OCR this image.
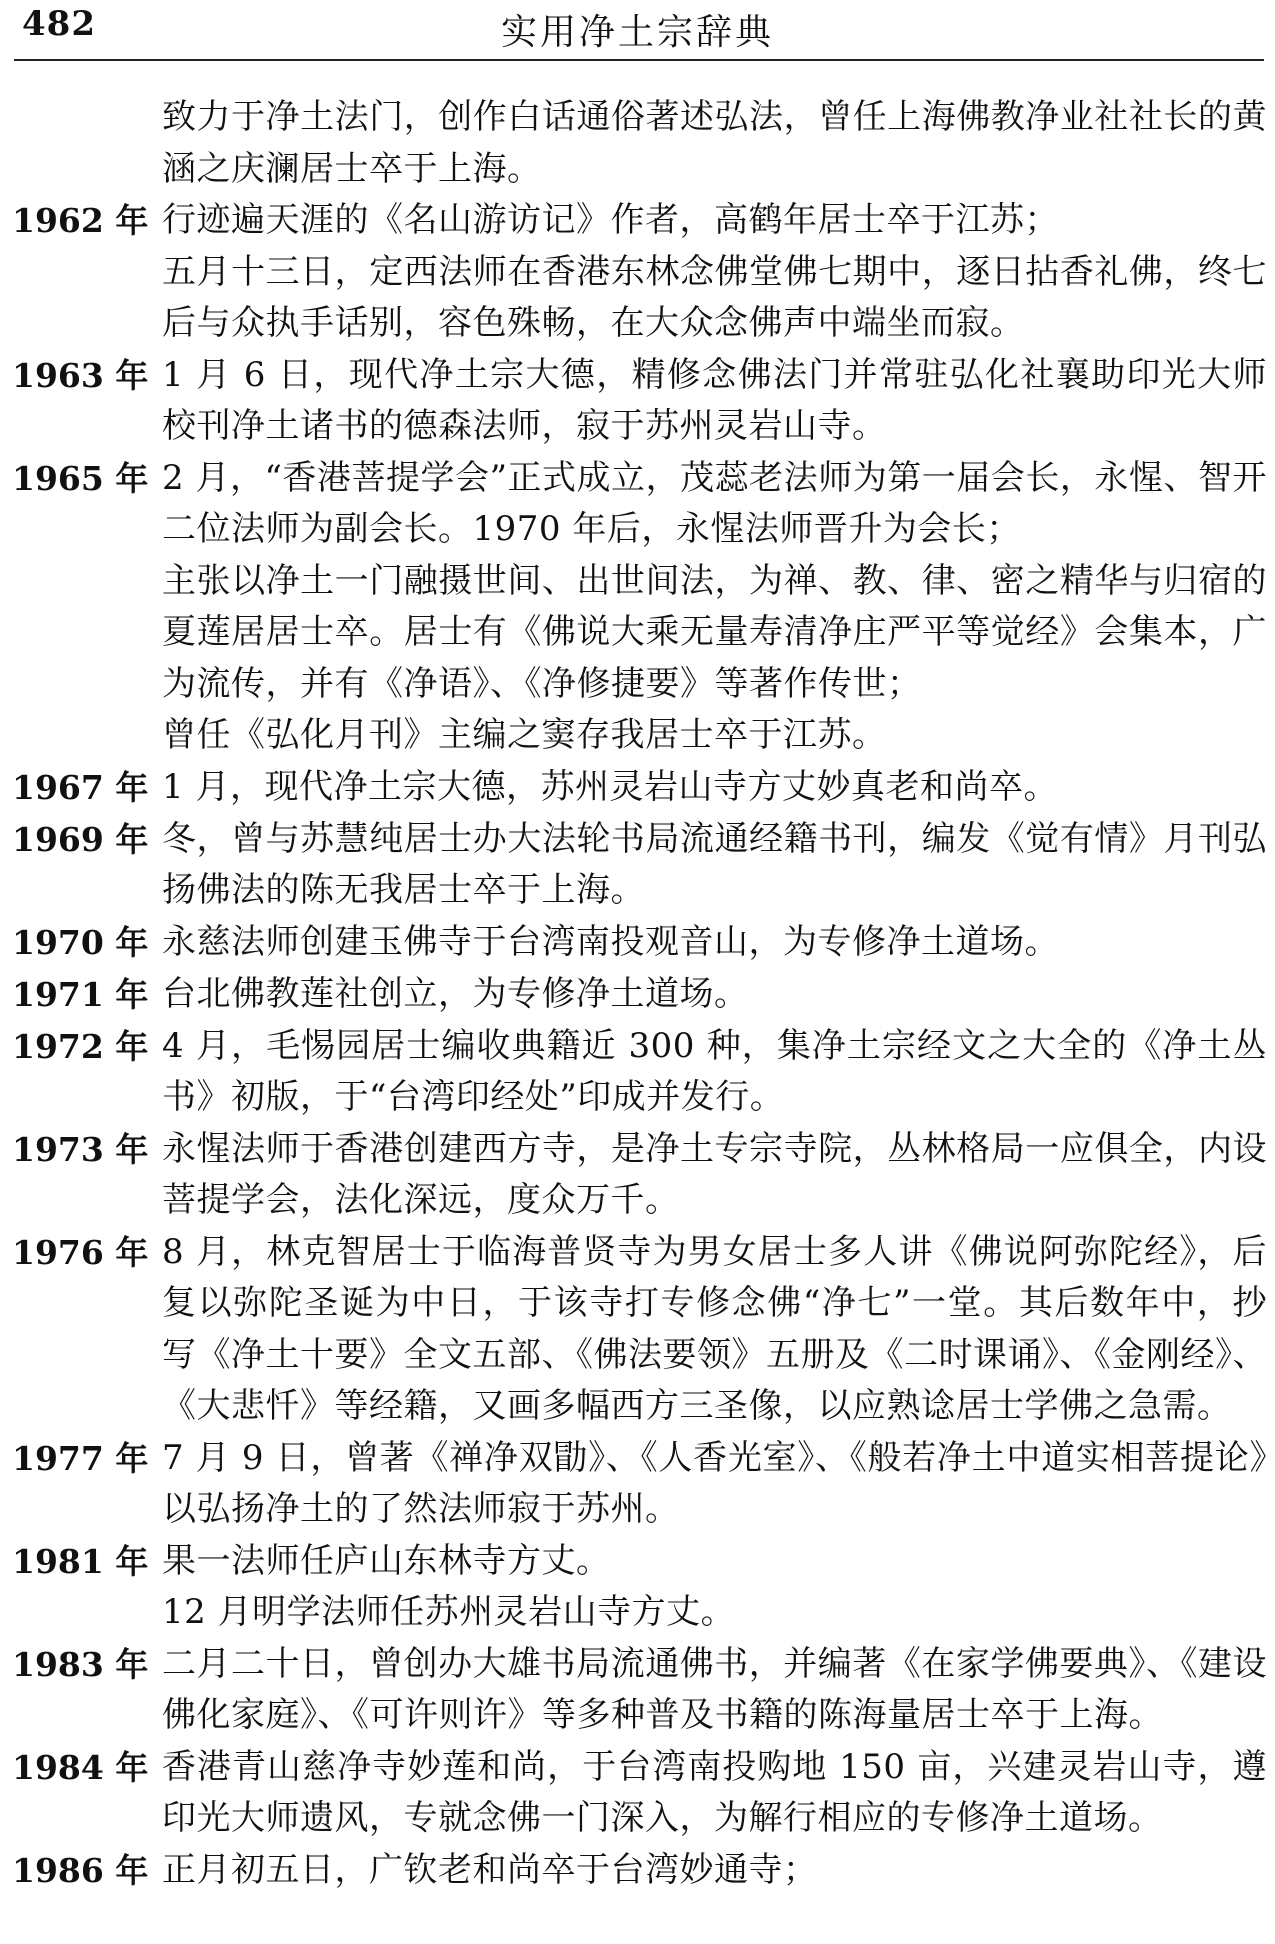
482	实用净土宗辞典

致力于净土法门，创作白话通俗著述弘法，曾任上海佛教净业社社长的黄涵之庆澜居士卒于上海。

1962 年 行迹遍天涯的《名山游访记》作者，高鹤年居士卒于江苏；

五月十三日，定西法师在香港东林念佛堂佛七期中，逐日拈香礼佛，终七后与众执手话别，容色殊畅，在大众念佛声中端坐而寂。

1963 年 1 月 6 日，现代净土宗大德，精修念佛法门并常驻弘化社襄助印光大师校刊净土诸书的德森法师，寂于苏州灵岩山寺。

1965 年 2 月，“香港菩提学会”正式成立，茂蕊老法师为第一届会长，永惺、智开二位法师为副会长。1970 年后，永惺法师晋升为会长；

主张以净土一门融摄世间、出世间法，为禅、教、律、密之精华与归宿的夏莲居居士卒。居士有《佛说大乘无量寿清净庄严平等觉经》会集本，广为流传，并有《净语》、《净修捷要》等著作传世；

曾任《弘化月刊》主编之窦存我居士卒于江苏。

1967 年 1 月，现代净土宗大德，苏州灵岩山寺方丈妙真老和尚卒。

1969 年 冬，曾与苏慧纯居士办大法轮书局流通经籍书刊，编发《觉有情》月刊弘扬佛法的陈无我居士卒于上海。

1970 年 永慈法师创建玉佛寺于台湾南投观音山，为专修净土道场。

1971 年 台北佛教莲社创立，为专修净土道场。

1972 年 4 月，毛惕园居士编收典籍近 300 种，集净土宗经文之大全的《净土丛书》初版，于“台湾印经处”印成并发行。

1973 年 永惺法师于香港创建西方寺，是净土专宗寺院，丛林格局一应俱全，内设菩提学会，法化深远，度众万千。

1976 年 8 月，林克智居士于临海普贤寺为男女居士多人讲《佛说阿弥陀经》，后复以弥陀圣诞为中日，于该寺打专修念佛“净七”一堂。其后数年中，抄写《净土十要》全文五部、《佛法要领》五册及《二时课诵》、《金刚经》、《大悲忏》等经籍，又画多幅西方三圣像，以应熟谂居士学佛之急需。

1977 年 7 月 9 日，曾著《禅净双勖》、《人香光室》、《般若净土中道实相菩提论》以弘扬净土的了然法师寂于苏州。

1981 年 果一法师任庐山东林寺方丈。

12 月明学法师任苏州灵岩山寺方丈。

1983 年 二月二十日，曾创办大雄书局流通佛书，并编著《在家学佛要典》、《建设佛化家庭》、《可许则许》等多种普及书籍的陈海量居士卒于上海。

1984 年 香港青山慈净寺妙莲和尚，于台湾南投购地 150 亩，兴建灵岩山寺，遵印光大师遗风，专就念佛一门深入，为解行相应的专修净土道场。

1986 年 正月初五日，广钦老和尚卒于台湾妙通寺；
